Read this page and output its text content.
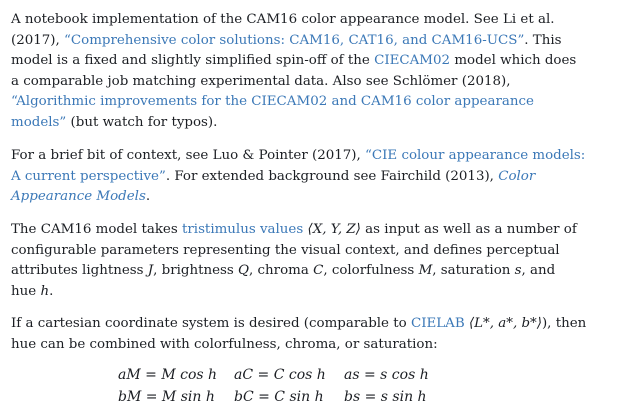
A notebook implementation of the CAM16 color appearance model. See Li et al.
(2017), “Comprehensive color solutions: CAM16, CAT16, and CAM16-UCS”. This
model is a fixed and slightly simplified spin-off of the CIECAM02 model which does
a comparable job matching experimental data. Also see Schlömer (2018),
“Algorithmic improvements for the CIECAM02 and CAM16 color appearance
models” (but watch for typos).

For a brief bit of context, see Luo & Pointer (2017), “CIE colour appearance models:
A current perspective”. For extended background see Fairchild (2013), Color
Appearance Models.

The CAM16 model takes tristimulus values ⟨X, Y, Z⟩ as input as well as a number of
configurable parameters representing the visual context, and defines perceptual
attributes lightness J, brightness Q, chroma C, colorfulness M, saturation s, and
hue h.

If a cartesian coordinate system is desired (comparable to CIELAB ⟨L*, a*, b*⟩), then
hue can be combined with colorfulness, chroma, or saturation:

aM = M cos h aC = C cos h as = s cos h
bM = M sin h bC = C sin h bs = s sin h
